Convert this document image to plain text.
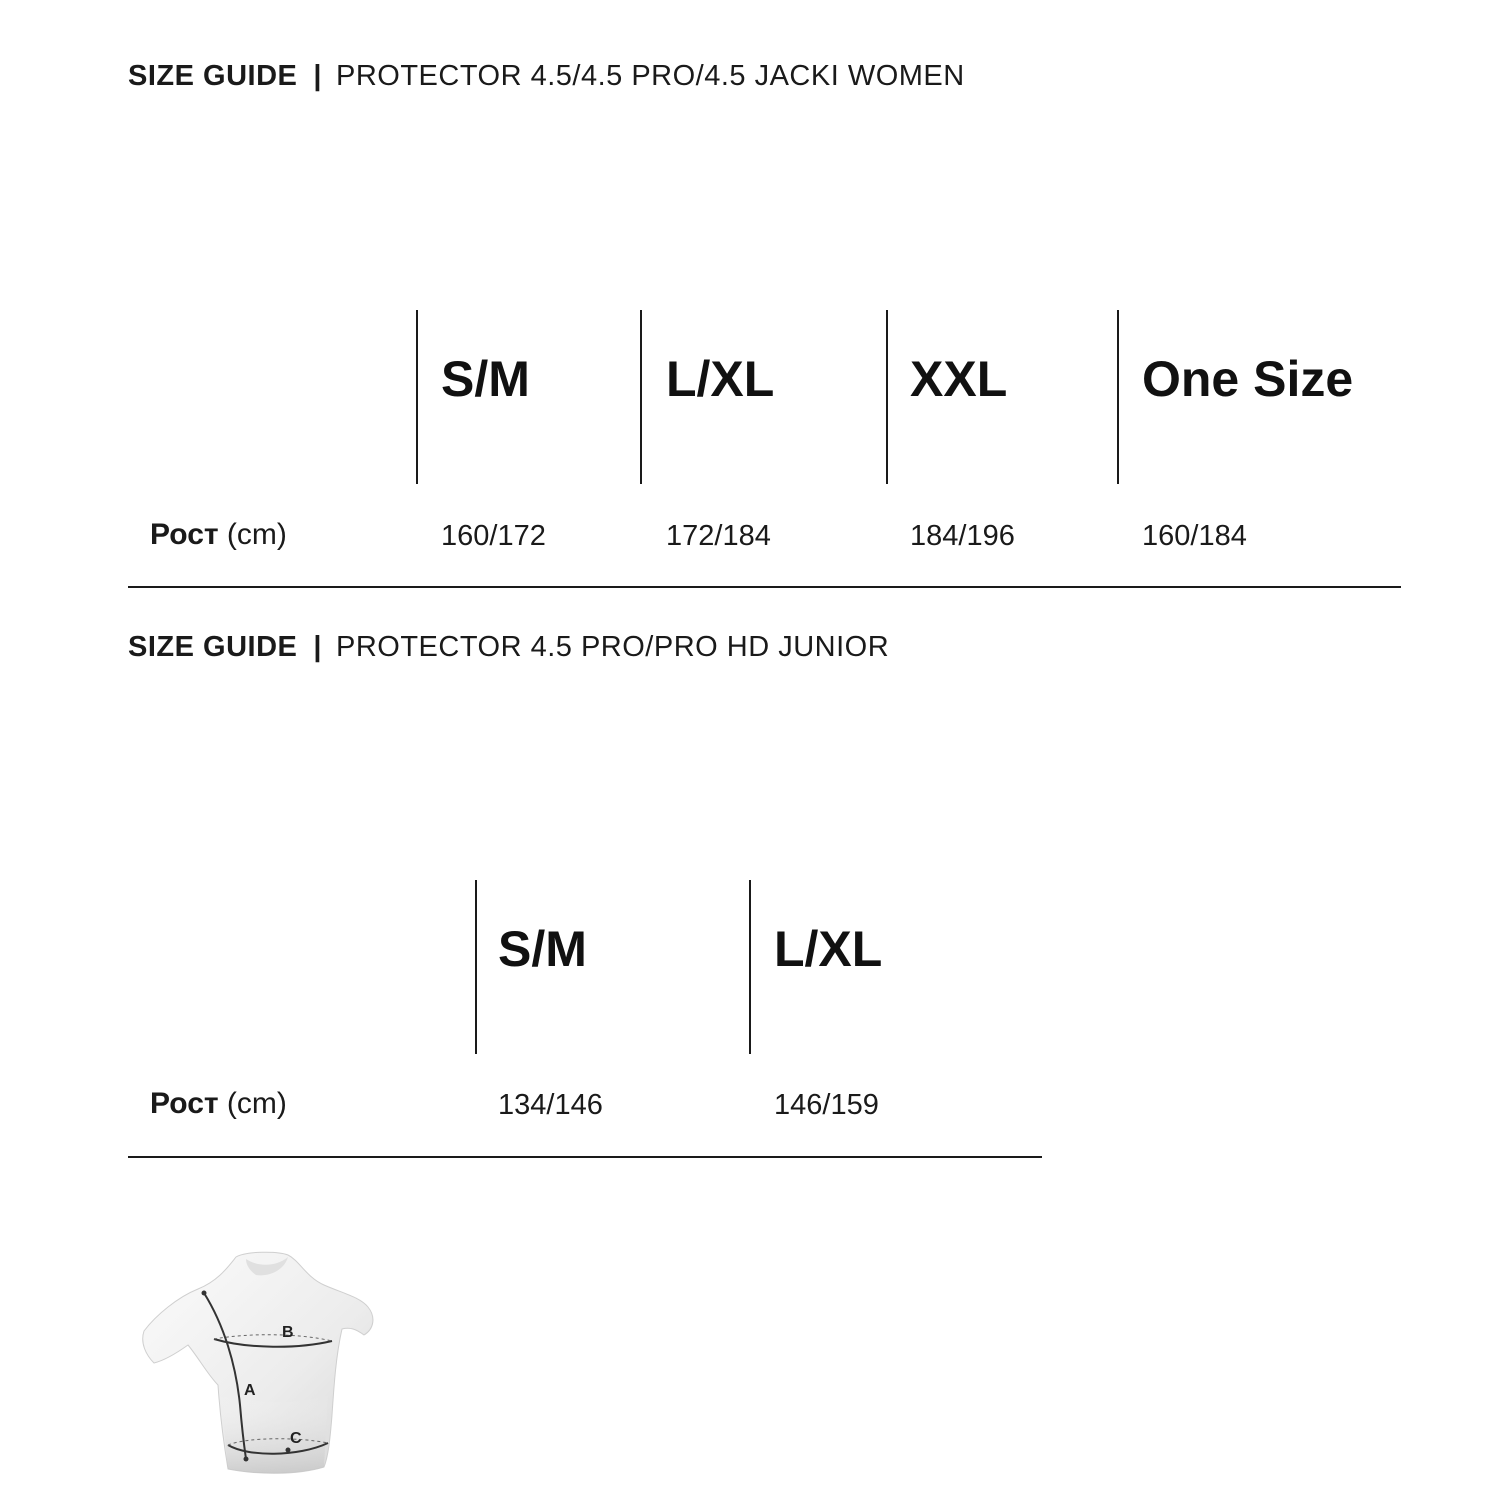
SIZE GUIDE | PROTECTOR 4.5/4.5 PRO/4.5 JACKI WOMEN
S/M	L/XL	XXL	One Size
Рост (cm)	160/172	172/184	184/196	160/184
SIZE GUIDE | PROTECTOR 4.5 PRO/PRO HD JUNIOR
S/M	L/XL
Рост (cm)	134/146	146/159
A
B
C
